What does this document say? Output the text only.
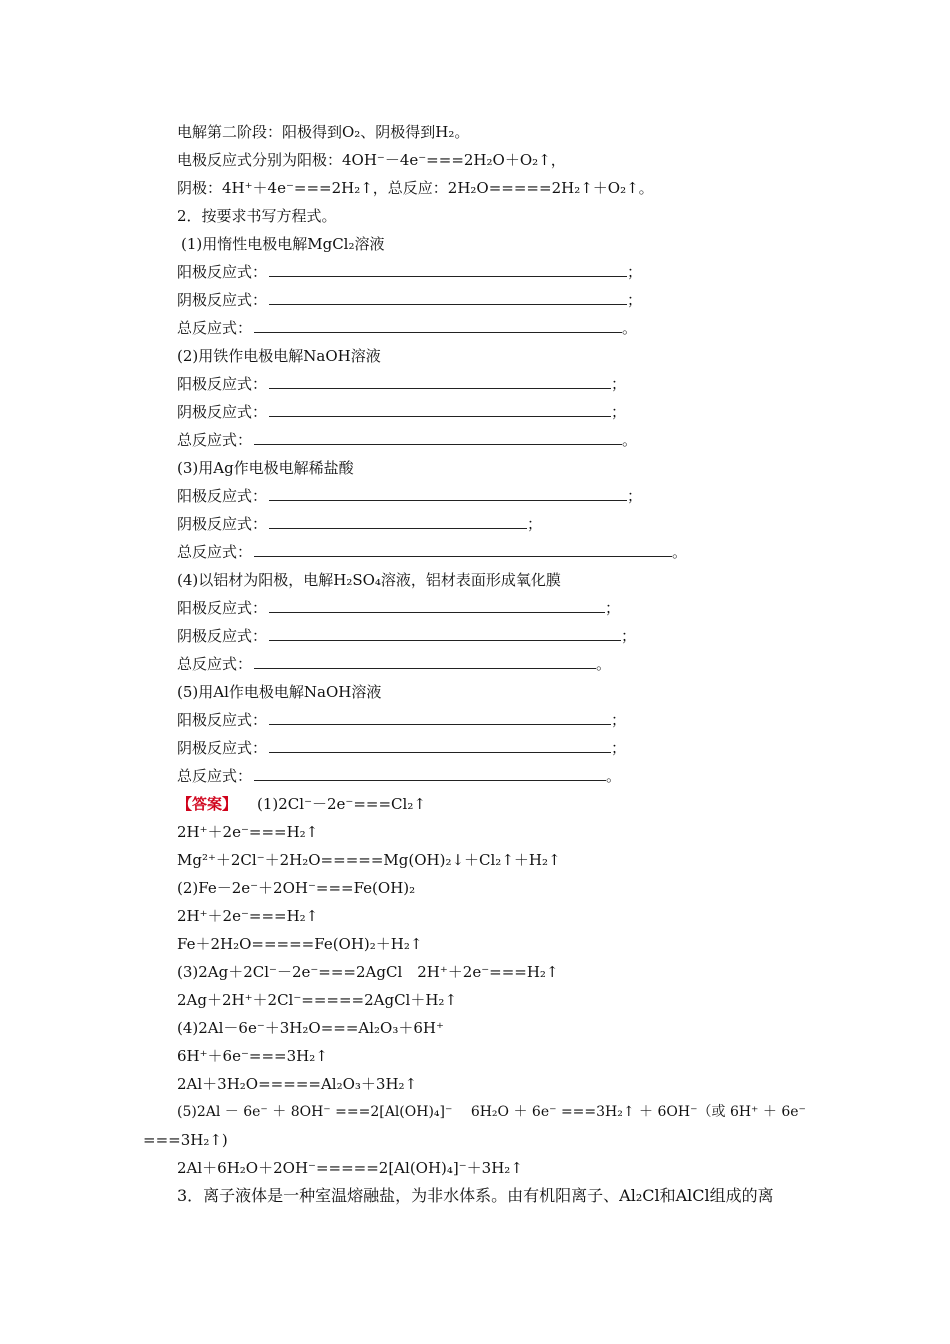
电解第二阶段：阳极得到O₂、阴极得到H₂。
电极反应式分别为阳极：4OH⁻－4e⁻===2H₂O＋O₂↑，
阴极：4H⁺＋4e⁻===2H₂↑，总反应：2H₂O=====2H₂↑＋O₂↑。
2．按要求书写方程式。
(1)用惰性电极电解MgCl₂溶液
阳极反应式：	；
阴极反应式：	；
总反应式：	。
(2)用铁作电极电解NaOH溶液
阳极反应式：	；
阴极反应式：	；
总反应式：	。
(3)用Ag作电极电解稀盐酸
阳极反应式：	；
阴极反应式：	；
总反应式：	。
(4)以铝材为阳极，电解H₂SO₄溶液，铝材表面形成氧化膜
阳极反应式：	；
阴极反应式：	；
总反应式：	。
(5)用Al作电极电解NaOH溶液
阳极反应式：	；
阴极反应式：	；
总反应式：	。
【答案】 (1)2Cl⁻－2e⁻===Cl₂↑
2H⁺＋2e⁻===H₂↑
Mg²⁺＋2Cl⁻＋2H₂O=====Mg(OH)₂↓＋Cl₂↑＋H₂↑
(2)Fe－2e⁻＋2OH⁻===Fe(OH)₂
2H⁺＋2e⁻===H₂↑
Fe＋2H₂O=====Fe(OH)₂＋H₂↑
(3)2Ag＋2Cl⁻－2e⁻===2AgCl　2H⁺＋2e⁻===H₂↑
2Ag＋2H⁺＋2Cl⁻=====2AgCl＋H₂↑
(4)2Al－6e⁻＋3H₂O===Al₂O₃＋6H⁺
6H⁺＋6e⁻===3H₂↑
2Al＋3H₂O=====Al₂O₃＋3H₂↑
(5)2Al － 6e⁻ ＋ 8OH⁻ ===2[Al(OH)₄]⁻　 6H₂O ＋ 6e⁻ ===3H₂↑ ＋ 6OH⁻（或 6H⁺ ＋ 6e⁻
===3H₂↑)
2Al＋6H₂O＋2OH⁻=====2[Al(OH)₄]⁻＋3H₂↑
3．离子液体是一种室温熔融盐，为非水体系。由有机阳离子、Al₂Cl和AlCl组成的离
